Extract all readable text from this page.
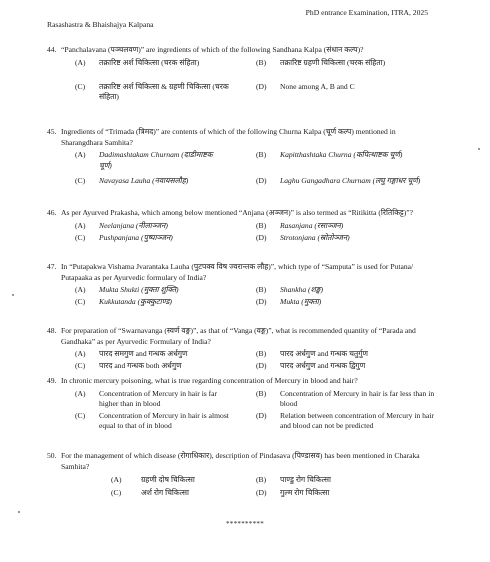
PhD entrance Examination, ITRA, 2025
Rasashastra & Bhaishajya Kalpana
44. “Panchalavana (पञ्चलवण)” are ingredients of which of the following Sandhana Kalpa (संधान कल्प)?
(A) तक्रारिष्ट अर्श चिकित्सा (चरक संहिता)	(B) तक्रारिष्ट ग्रहणी चिकित्सा (चरक संहिता)
(C) तक्रारिष्ट अर्श चिकित्सा & ग्रहणी चिकित्सा (चरक संहिता)
(D) None among A, B and C
45. Ingredients of “Trimada (त्रिमद)” are contents of which of the following Churna Kalpa (चूर्ण कल्प) mentioned in Sharangdhara Samhita?
(A) Dadimashtakam Churnam (दाडीमाष्टक चूर्ण)
(B) Kapitthashtaka Churna (कपित्थाष्टक चूर्ण)
(C) Navayasa Lauha (नवायसलौह)	(D) Laghu Gangadhara Churnam (लघु गङ्गाधर चूर्ण)
46. As per Ayurved Prakasha, which among below mentioned “Anjana (अञ्जन)” is also termed as “Ritikitta (रितिकिट्ट)”?
(A) Neelanjana (नीलाञ्जन)	(B) Rasanjana (रसाञ्जन)
(C) Pushpanjana (पुष्पाञ्जन)	(D) Strotonjana (स्रोतोञ्जन)
47. In “Putapakwa Vishama Jvarantaka Lauha (पुटपक्व विष ज्वरान्तक लौह)”, which type of “Samputa” is used for Putana/ Putapaaka as per Ayurvedic formulary of India?
(A) Mukta Shukti (मुक्ता शुक्ति)	(B) Shankha (शङ्ख)
(C) Kukkutanda (कुक्कुटाण्ड)	(D) Mukta (मुक्ता)
48. For preparation of “Swarnavanga (स्वर्ण वङ्ग)”, as that of “Vanga (वङ्ग)”, what is recommended quantity of “Parada and Gandhaka” as per Ayurvedic Formulary of India?
(A) पारद समगुण and गन्धक अर्धगुण	(B) पारद अर्धगुण and गन्धक चतुर्गुण
(C) पारद and गन्धक both अर्धगुण	(D) पारद अर्धगुण and गन्धक द्विगुण
49. In chronic mercury poisoning, what is true regarding concentration of Mercury in blood and hair?
(A) Concentration of Mercury in hair is far higher than in blood
(B) Concentration of Mercury in hair is far less than in blood
(C) Concentration of Mercury in hair is almost equal to that of in blood
(D) Relation between concentration of Mercury in hair and blood can not be predicted
50. For the management of which disease (रोगाधिकार), description of Pindasava (पिण्डासव) has been mentioned in Charaka Samhita?
(A)	ग्रहणी दोष चिकित्सा	(B) पाण्डु रोग चिकित्सा
(C)	अर्श रोग चिकित्सा	(D) गुल्म रोग चिकित्सा
**********
